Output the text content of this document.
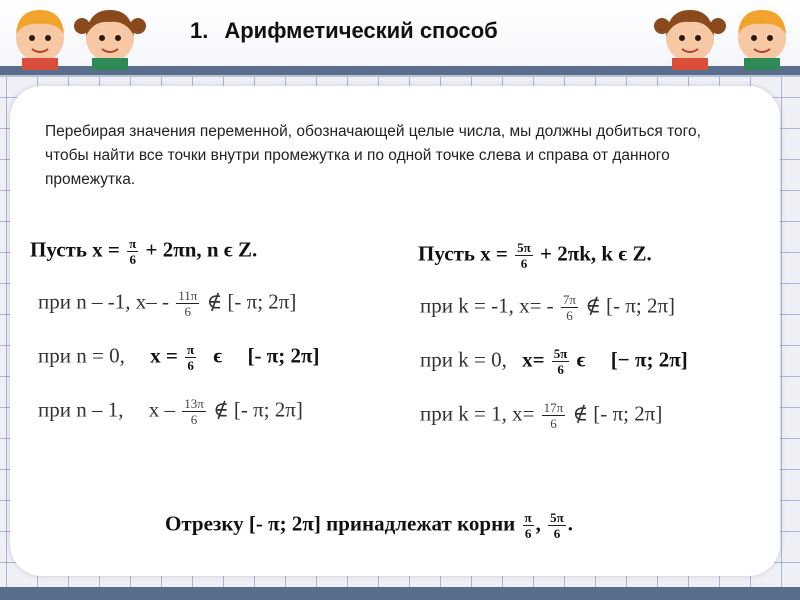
1. Арифметический способ
Перебирая значения переменной, обозначающей целые числа, мы должны добиться того, чтобы найти все точки внутри промежутка и по одной точке слева и справа от данного промежутка.
Пусть $x = \frac{\pi}{6} + 2\pi n$, n ϵ Z.
при n – -1, $x- - \frac{11\pi}{6}$ ∉ [- π; 2π]
при n = 0, $x = \frac{\pi}{6}$ ϵ [- π; 2π]
при n – 1, x – $\frac{13\pi}{6}$ ∉ [- π; 2π]
Пусть $x = \frac{5\pi}{6} + 2\pi k$, k ϵ Z.
при k = -1, $x= - \frac{7\pi}{6}$ ∉ [- π; 2π]
при k = 0, $x= \frac{5\pi}{6}$ ϵ [− π; 2π]
при k = 1, $x= \frac{17\pi}{6}$ ∉ [- π; 2π]
Отрезку [- π; 2π] принадлежат корни $\frac{\pi}{6}$ , $\frac{5\pi}{6}$ .
